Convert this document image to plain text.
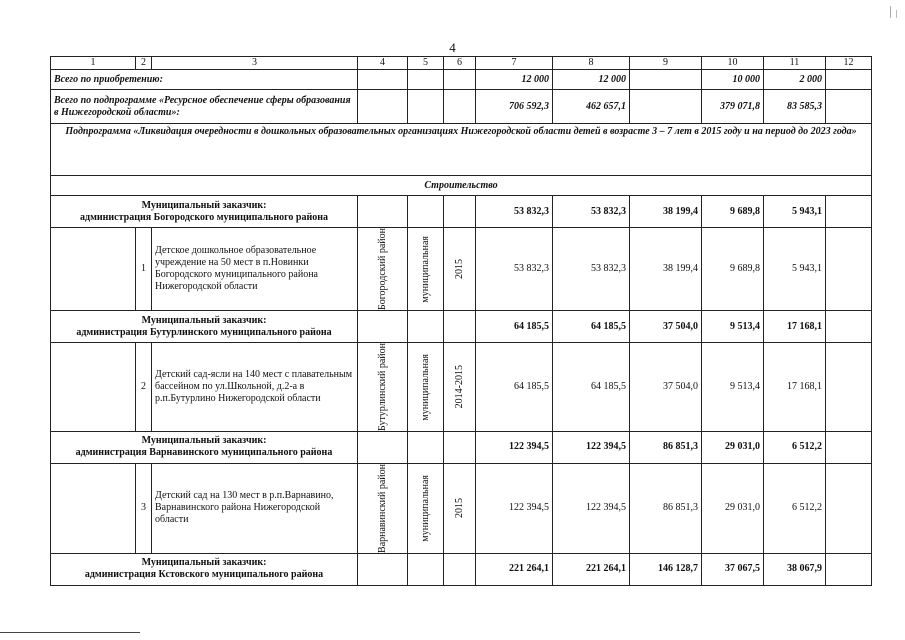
4
1	2	3	4	5	6	7	8	9	10	11	12
Всего по приобретению:						12 000	12 000		10 000	2 000	
Всего по подпрограмме «Ресурсное обеспечение сферы образования в Нижегородской области»:						706 592,3	462 657,1		379 071,8	83 585,3	
Подпрограмма «Ликвидация очередности в дошкольных образовательных организациях Нижегородской области детей в возрасте 3 – 7 лет в 2015 году и на период до 2023 года»											
Строительство											

Муниципальный заказчик:
администрация Богородского муниципального района						53 832,3	53 832,3	38 199,4	9 689,8	5 943,1	
	1	Детское дошкольное образовательное учреждение на 50 мест в п.Новинки Богородского муниципального района Нижегородской области	Богородский район	муниципальная	2015	53 832,3	53 832,3	38 199,4	9 689,8	5 943,1	

Муниципальный заказчик:
администрация Бутурлинского муниципального района						64 185,5	64 185,5	37 504,0	9 513,4	17 168,1	
	2	Детский сад-ясли на 140 мест с плавательным бассейном по ул.Школьной, д.2-а в р.п.Бутурлино Нижегородской области	Бутурлинский район	муниципальная	2014-2015	64 185,5	64 185,5	37 504,0	9 513,4	17 168,1	

Муниципальный заказчик:
администрация Варнавинского муниципального района						122 394,5	122 394,5	86 851,3	29 031,0	6 512,2	
	3	Детский сад на 130 мест в р.п.Варнавино, Варнавинского района Нижегородской области	Варнавинский район	муниципальная	2015	122 394,5	122 394,5	86 851,3	29 031,0	6 512,2	

Муниципальный заказчик:
администрация Кстовского муниципального района						221 264,1	221 264,1	146 128,7	37 067,5	38 067,9	
